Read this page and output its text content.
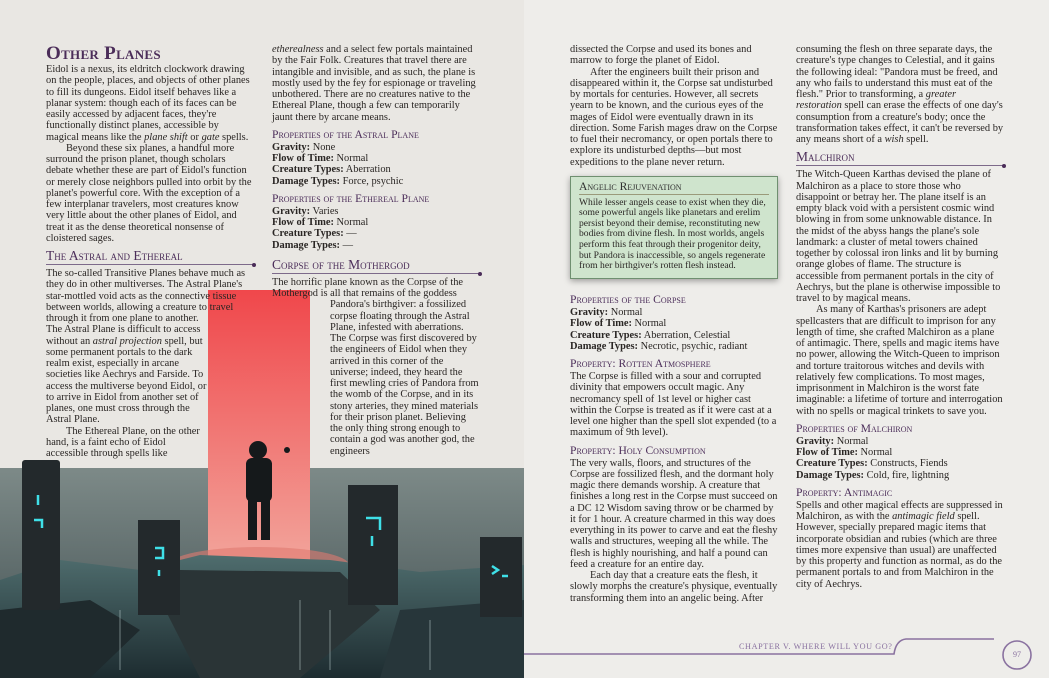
Other Planes

Eidol is a nexus, its eldritch clockwork drawing on the people, places, and objects of other planes to fill its dungeons. Eidol itself behaves like a planar system: though each of its faces can be easily accessed by adjacent faces, they're functionally distinct planes, accessible by magical means like the plane shift or gate spells.

Beyond these six planes, a handful more surround the prison planet, though scholars debate whether these are part of Eidol's function or merely close neighbors pulled into orbit by the planet's powerful core. With the exception of a few interplanar travelers, most creatures know very little about the other planes of Eidol, and treat it as the dense theoretical nonsense of cloistered sages.

The Astral and Ethereal

The so-called Transitive Planes behave much as they do in other multiverses. The Astral Plane's star-mottled void acts as the connective tissue between worlds, allowing a creature to travel through it from one plane to another.

The Astral Plane is difficult to access without an astral projection spell, but some permanent portals to the dark realm exist, especially in arcane societies like Aechrys and Farside. To access the multiverse beyond Eidol, or to arrive in Eidol from another set of planes, one must cross through the Astral Plane.

The Ethereal Plane, on the other hand, is a faint echo of Eidol accessible through spells like

etherealness and a select few portals maintained by the Fair Folk. Creatures that travel there are intangible and invisible, and as such, the plane is mostly used by the fey for espionage or traveling unbothered. There are no creatures native to the Ethereal Plane, though a few can temporarily jaunt there by arcane means.

Properties of the Astral Plane
Gravity: None
Flow of Time: Normal
Creature Types: Aberration
Damage Types: Force, psychic
Properties of the Ethereal Plane
Gravity: Varies
Flow of Time: Normal
Creature Types: —
Damage Types: —
Corpse of the Mothergod

The horrific plane known as the Corpse of the Mothergod is all that remains of the goddess

Pandora's birthgiver: a fossilized corpse floating through the Astral Plane, infested with aberrations. The Corpse was first discovered by the engineers of Eidol when they arrived in this corner of the universe; indeed, they heard the first mewling cries of Pandora from the womb of the Corpse, and in its stony arteries, they mined materials for their prison planet. Believing the only thing strong enough to contain a god was another god, the engineers

dissected the Corpse and used its bones and marrow to forge the planet of Eidol.

After the engineers built their prison and disappeared within it, the Corpse sat undisturbed by mortals for centuries. However, all secrets yearn to be known, and the curious eyes of the mages of Eidol were eventually drawn in its direction. Some Farish mages draw on the Corpse to fuel their necromancy, or open portals there to explore its undisturbed depths—but most expeditions to the plane never return.

Angelic Rejuvenation
While lesser angels cease to exist when they die, some powerful angels like planetars and erelim persist beyond their demise, reconstituting new bodies from divine flesh. In most worlds, angels perform this feat through their progenitor deity, but Pandora is inaccessible, so angels regenerate from her birthgiver's rotten flesh instead.
Properties of the Corpse
Gravity: Normal
Flow of Time: Normal
Creature Types: Aberration, Celestial
Damage Types: Necrotic, psychic, radiant
Property: Rotten Atmosphere

The Corpse is filled with a sour and corrupted divinity that empowers occult magic. Any necromancy spell of 1st level or higher cast within the Corpse is treated as if it were cast at a level one higher than the spell slot expended (to a maximum of 9th level).

Property: Holy Consumption

The very walls, floors, and structures of the Corpse are fossilized flesh, and the dormant holy magic there demands worship. A creature that finishes a long rest in the Corpse must succeed on a DC 12 Wisdom saving throw or be charmed by it for 1 hour. A creature charmed in this way does everything in its power to carve and eat the fleshy walls and structures, weeping all the while. The flesh is highly nourishing, and half a pound can feed a creature for an entire day.

Each day that a creature eats the flesh, it slowly morphs the creature's physique, eventually transforming them into an angelic being. After

consuming the flesh on three separate days, the creature's type changes to Celestial, and it gains the following ideal: "Pandora must be freed, and any who fails to understand this must eat of the flesh." Prior to transforming, a greater restoration spell can erase the effects of one day's consumption from a creature's body; once the transformation takes effect, it can't be reversed by any means short of a wish spell.

Malchiron

The Witch-Queen Karthas devised the plane of Malchiron as a place to store those who disappoint or betray her. The plane itself is an empty black void with a persistent cosmic wind blowing in from some unknowable distance. In the midst of the abyss hangs the plane's sole landmark: a cluster of metal towers chained together by colossal iron links and lit by burning orange globes of flame. The structure is accessible from permanent portals in the city of Aechrys, but the plane is otherwise impossible to travel to by magical means.

As many of Karthas's prisoners are adept spellcasters that are difficult to imprison for any length of time, she crafted Malchiron as a plane of antimagic. There, spells and magic items have no power, allowing the Witch-Queen to imprison and torture traitorous witches and devils with relatively few complications. To most mages, imprisonment in Malchiron is the worst fate imaginable: a lifetime of torture and interrogation with no spells or magical trinkets to save you.

Properties of Malchiron
Gravity: Normal
Flow of Time: Normal
Creature Types: Constructs, Fiends
Damage Types: Cold, fire, lightning
Property: Antimagic

Spells and other magical effects are suppressed in Malchiron, as with the antimagic field spell. However, specially prepared magic items that incorporate obsidian and rubies (which are three times more expensive than usual) are unaffected by this property and function as normal, as do the permanent portals to and from Malchiron in the city of Aechrys.

CHAPTER V. WHERE WILL YOU GO?
97
